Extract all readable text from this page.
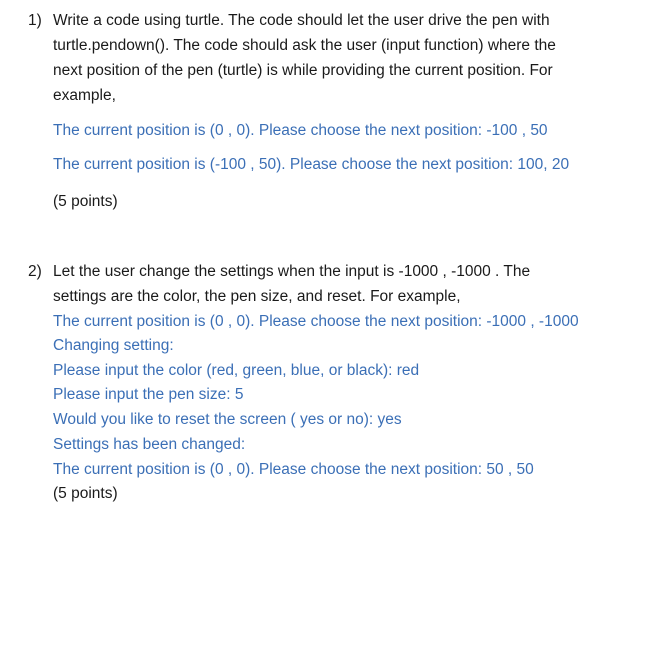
1) Write a code using turtle. The code should let the user drive the pen with
turtle.pendown(). The code should ask the user (input function) where the
next position of the pen (turtle) is while providing the current position. For
example,
The current position is (0 , 0). Please choose the next position: -100 , 50
The current position is (-100 , 50). Please choose the next position: 100, 20
(5 points)
2) Let the user change the settings when the input is -1000 , -1000 . The
settings are the color, the pen size, and reset. For example,
The current position is (0 , 0). Please choose the next position: -1000 , -1000
Changing setting:
Please input the color (red, green, blue, or black): red
Please input the pen size: 5
Would you like to reset the screen ( yes or no): yes
Settings has been changed:
The current position is (0 , 0). Please choose the next position: 50 , 50
(5 points)
